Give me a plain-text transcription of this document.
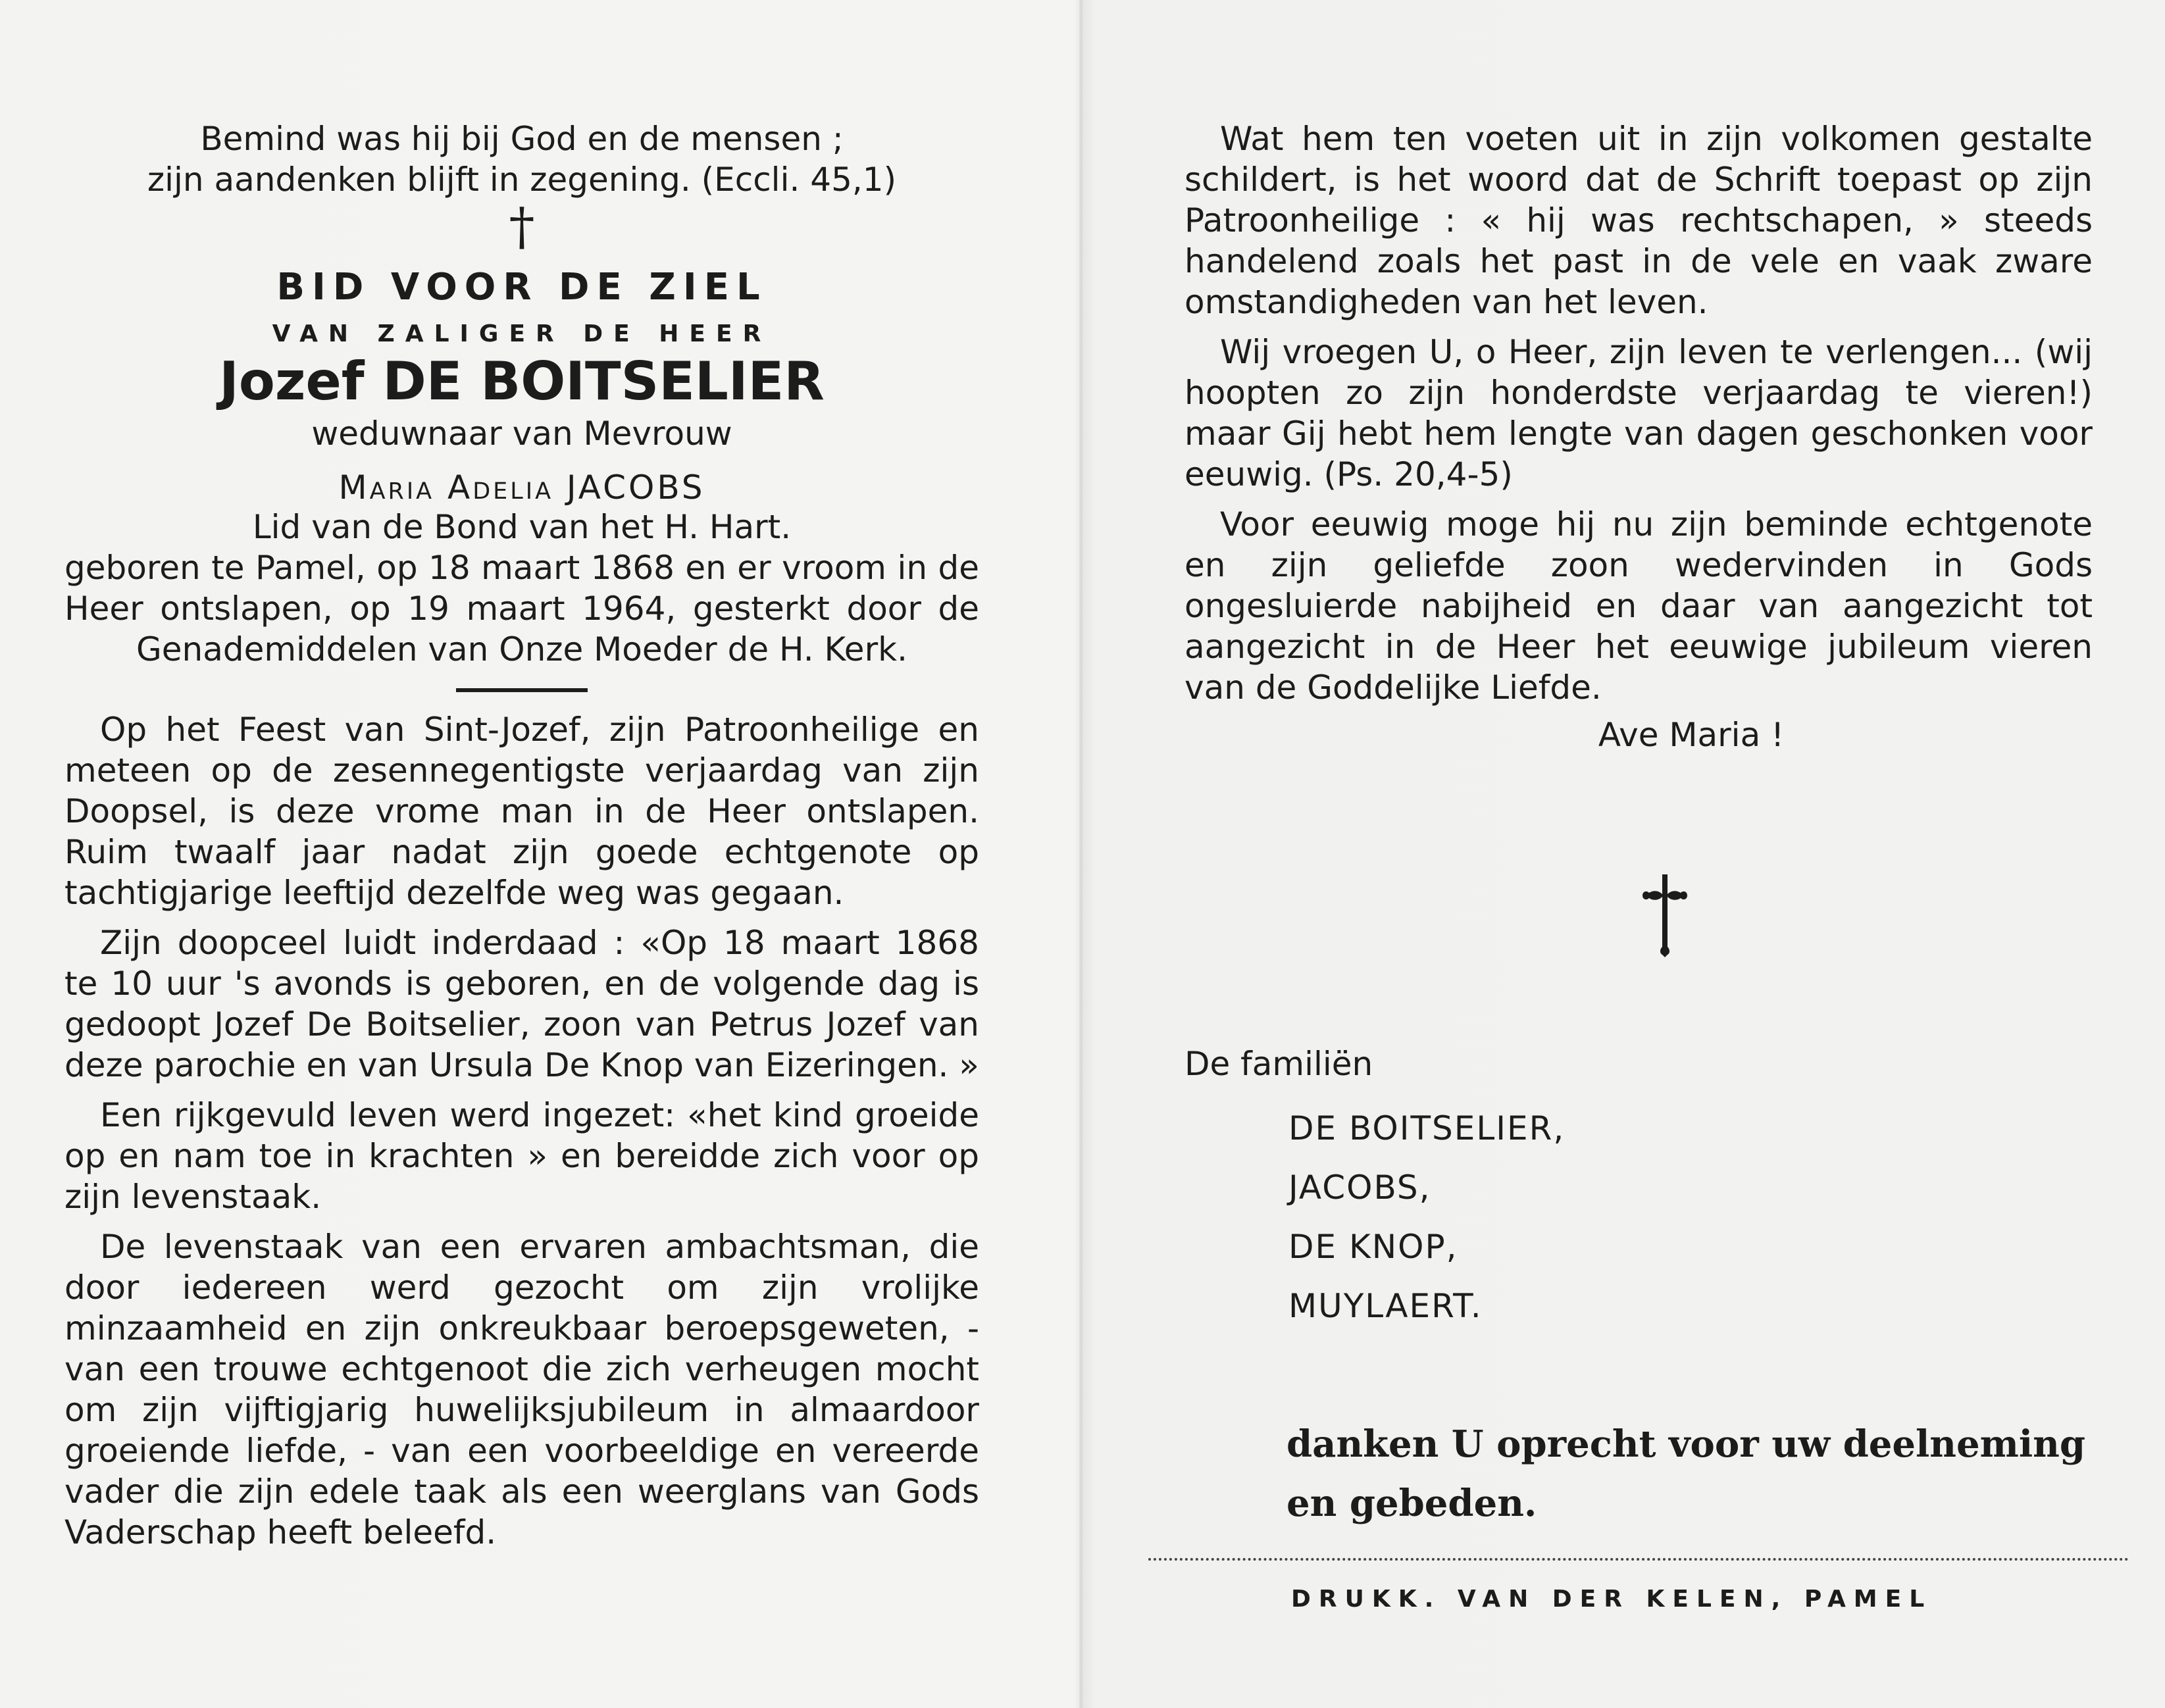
Bemind was hij bij God en de mensen ;

zijn aandenken blijft in zegening. (Eccli. 45,1)

†

BID VOOR DE ZIEL

VAN ZALIGER DE HEER

Jozef DE BOITSELIER

weduwnaar van Mevrouw

Maria Adelia JACOBS

Lid van de Bond van het H. Hart.

geboren te Pamel, op 18 maart 1868 en er vroom in de Heer ontslapen, op 19 maart 1964, gesterkt door de Genademiddelen van Onze Moeder de H. Kerk.

Op het Feest van Sint-Jozef, zijn Patroonheilige en meteen op de zesennegentigste verjaardag van zijn Doopsel, is deze vrome man in de Heer ontslapen. Ruim twaalf jaar nadat zijn goede echtgenote op tachtigjarige leeftijd dezelfde weg was gegaan.

Zijn doopceel luidt inderdaad : «Op 18 maart 1868 te 10 uur 's avonds is geboren, en de volgende dag is gedoopt Jozef De Boitselier, zoon van Petrus Jozef van deze parochie en van Ursula De Knop van Eizeringen. »

Een rijkgevuld leven werd ingezet: «het kind groeide op en nam toe in krachten » en bereidde zich voor op zijn levenstaak.

De levenstaak van een ervaren ambachtsman, die door iedereen werd gezocht om zijn vrolijke minzaamheid en zijn onkreukbaar beroepsgeweten, - van een trouwe echtgenoot die zich verheugen mocht om zijn vijftigjarig huwelijksjubileum in almaardoor groeiende liefde, - van een voorbeeldige en vereerde vader die zijn edele taak als een weerglans van Gods Vaderschap heeft beleefd.

Wat hem ten voeten uit in zijn volkomen gestalte schildert, is het woord dat de Schrift toepast op zijn Patroonheilige : « hij was rechtschapen, » steeds handelend zoals het past in de vele en vaak zware omstandigheden van het leven.

Wij vroegen U, o Heer, zijn leven te verlengen... (wij hoopten zo zijn honderdste verjaardag te vieren!) maar Gij hebt hem lengte van dagen geschonken voor eeuwig. (Ps. 20,4-5)

Voor eeuwig moge hij nu zijn beminde echtgenote en zijn geliefde zoon wedervinden in Gods ongesluierde nabijheid en daar van aangezicht tot aangezicht in de Heer het eeuwige jubileum vieren van de Goddelijke Liefde.

Ave Maria !

De familiën
DE BOITSELIER,
JACOBS,
DE KNOP,
MUYLAERT.
danken U oprecht voor uw deelneming en gebeden.
DRUKK. VAN DER KELEN, PAMEL
